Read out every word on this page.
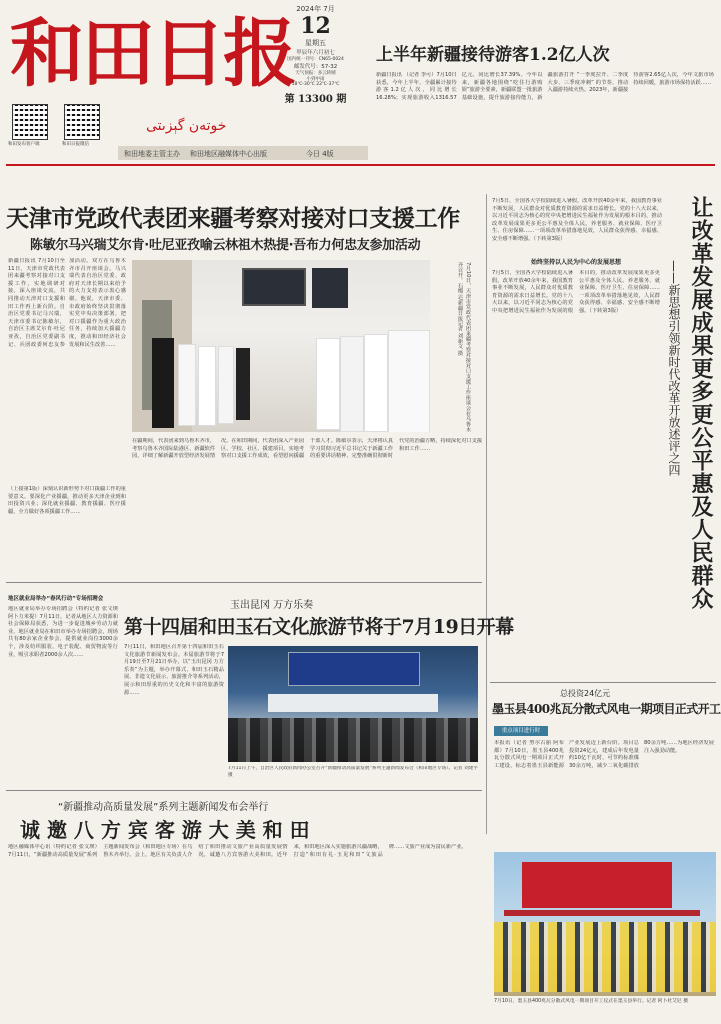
和田日报
خوتەن گېزىتى
2024年 7月
12
星期五
甲辰年六月初七
国内统一刊号：CN65-0024
邮发代号：57-32
天气预报：多云转晴
小到中雨
18℃-30℃ 22℃-37℃
第 13300 期
和田发布客户端	和田日报微信
和田地委主管主办 和田地区融媒体中心出版	今日 4版
上半年新疆接待游客1.2亿人次
新疆日报讯 （记者 李可）7月10日获悉，今年上半年，全疆累计接待游客1.2亿人次，同比增长16.28%；实现旅游收入1316.57亿元，同比增长37.39%。今年以来，新疆各地围绕“吃住行游购娱”旅游全要素，新疆联盟一批旅游基础设施，提升旅游接待能力，新疆旅游打开 “一季度拉开、二季度大步、三季度冲刺” 的节奏，推动入疆游持续火热。2023年，新疆接待游客2.65亿人次，今年文旅市场持续回暖，旅游市场保持活跃……
天津市党政代表团来疆考察对接对口支援工作
陈敏尔马兴瑞艾尔肯·吐尼亚孜喻云林祖木热提·吾布力何忠友参加活动
新疆日报讯 7月10日至11日，天津市党政代表团来疆考察对接对口支援工作，实地调研对接，深入座谈交流，共同推动天津对口支援和田工作再上新台阶。自治区党委书记马兴瑞，天津市委书记陈敏尔，自治区主席艾尔肯·吐尼亚孜，自治区党委副书记、兵团政委何忠友参加活动。双方在乌鲁木齐市召开座谈会。马兴瑞代表自治区党委、政府对天津长期以来给予的大力支持表示衷心感谢。他说，天津市委、市政府始终坚决贯彻落实党中央决策部署，把对口援疆作为重大政治任务，持续加大援疆力度，推动和田经济社会发展和民生改善……	7月10日，天津市党政代表团来疆考察对接对口支援工作座谈会在乌鲁木齐召开。石榴云/新疆日报记者 刘新文 摄
在疆期间，代表团来到乌鲁木齐市，考察乌鲁木齐国际陆港区、新疆软件园，详细了解新疆开放型经济发展情况。在和田期间，代表团深入产业园区、学校、社区、援建项目，实地考察对口支援工作成效，看望慰问援疆干部人才。陈敏尔表示，天津将认真学习贯彻习近平总书记关于新疆工作的重要讲话精神，完整准确贯彻新时代党的治疆方略，持续深化对口支援和田工作……
（上接第1版）深刻认识新形势下对口援疆工作的重要意义。要深化产业援疆，推动更多天津企业到和田投资兴业；深化就业援疆、教育援疆、医疗援疆，全力做好各项援疆工作……	让改革发展成果更多更公平惠及人民群众
——新思想引领新时代改革开放述评之四
始终坚持以人民为中心的发展思想
7月5日，全国各大学校陆续进入暑假。改革开放40余年来，我国教育事业不断发展，人民群众对优质教育资源的需求日益增长。党的十八大以来，以习近平同志为核心的党中央把增进民生福祉作为发展的根本目的，推动改革发展成果更多更公平惠及全体人民。养老服务、就业保障、医疗卫生、住房保障……一项项改革举措落地见效，人民群众获得感、幸福感、安全感不断增强。（下转第3版）
7月5日，全国各大学校陆续进入暑假。改革开放40余年来，我国教育事业不断发展，人民群众对优质教育资源的需求日益增长。党的十八大以来，以习近平同志为核心的党中央把增进民生福祉作为发展的根本目的，推动改革发展成果更多更公平惠及全体人民。养老服务、就业保障、医疗卫生、住房保障……一项项改革举措落地见效，人民群众获得感、幸福感、安全感不断增强。（下转第3版）
地区就业局举办专场招聘会（特约记者 张文瑛 阿卜力米提）7月11日，记者从地区人力资源和社会保障局获悉，为进一步促进城乡劳动力就业，地区就业局在和田市举办专场招聘会，现场共有80余家企业参会，提供就业岗位3000余个，涉及纺织服装、电子装配、商贸物流等行业，吸引求职者2000余人次……
地区就业局举办“春风行动”专场招聘会
玉出昆冈 万方乐奏
第十四届和田玉石文化旅游节将于7月19日开幕
7月11日，和田地区召开第十四届和田玉石文化旅游节新闻发布会。本届旅游节将于7月19日至7月21日举办，以“玉出昆冈 万方乐奏”为主题，举办开幕式、和田玉石精品展、非遗文化展示、旅游推介等系列活动，展示和田厚重的历史文化和丰富的旅游资源……
7月11日上午，自治区人民政府新闻办公室召开“新疆推动高质量发展”系列主题新闻发布会（和田地区专场）。记者 刘建平 摄
“新疆推动高质量发展”系列主题新闻发布会举行
诚 邀 八 方 宾 客 游 大 美 和 田
地区融媒体中心讯（特约记者 张文瑛）7月11日，“新疆推动高质量发展”系列主题新闻发布会（和田地区专场）在乌鲁木齐举行。会上，地区有关负责人介绍了和田推动文旅产业高质量发展情况，诚邀八方宾客游大美和田。近年来，和田地区深入实施旅游兴疆战略，打造“和田有礼·玉见和田”文旅品牌……文旅产业成为富民新产业。
总投资24亿元
墨玉县400兆瓦分散式风电一期项目正式开工
重点项目进行时
本报讯（记者 努尔古丽 阿布都）7月10日，墨玉县400兆瓦分散式风电一期项目正式开工建设，标志着墨玉县新能源产业发展迈上新台阶。项目总投资24亿元，建成后年发电量约10亿千瓦时，可节约标准煤30余万吨，减少二氧化碳排放80余万吨……为地区经济发展注入强劲动能。
7月10日，墨玉县400兆瓦分散式风电一期项目开工仪式在墨玉县举行。记者 阿卜杜艾尼 摄
